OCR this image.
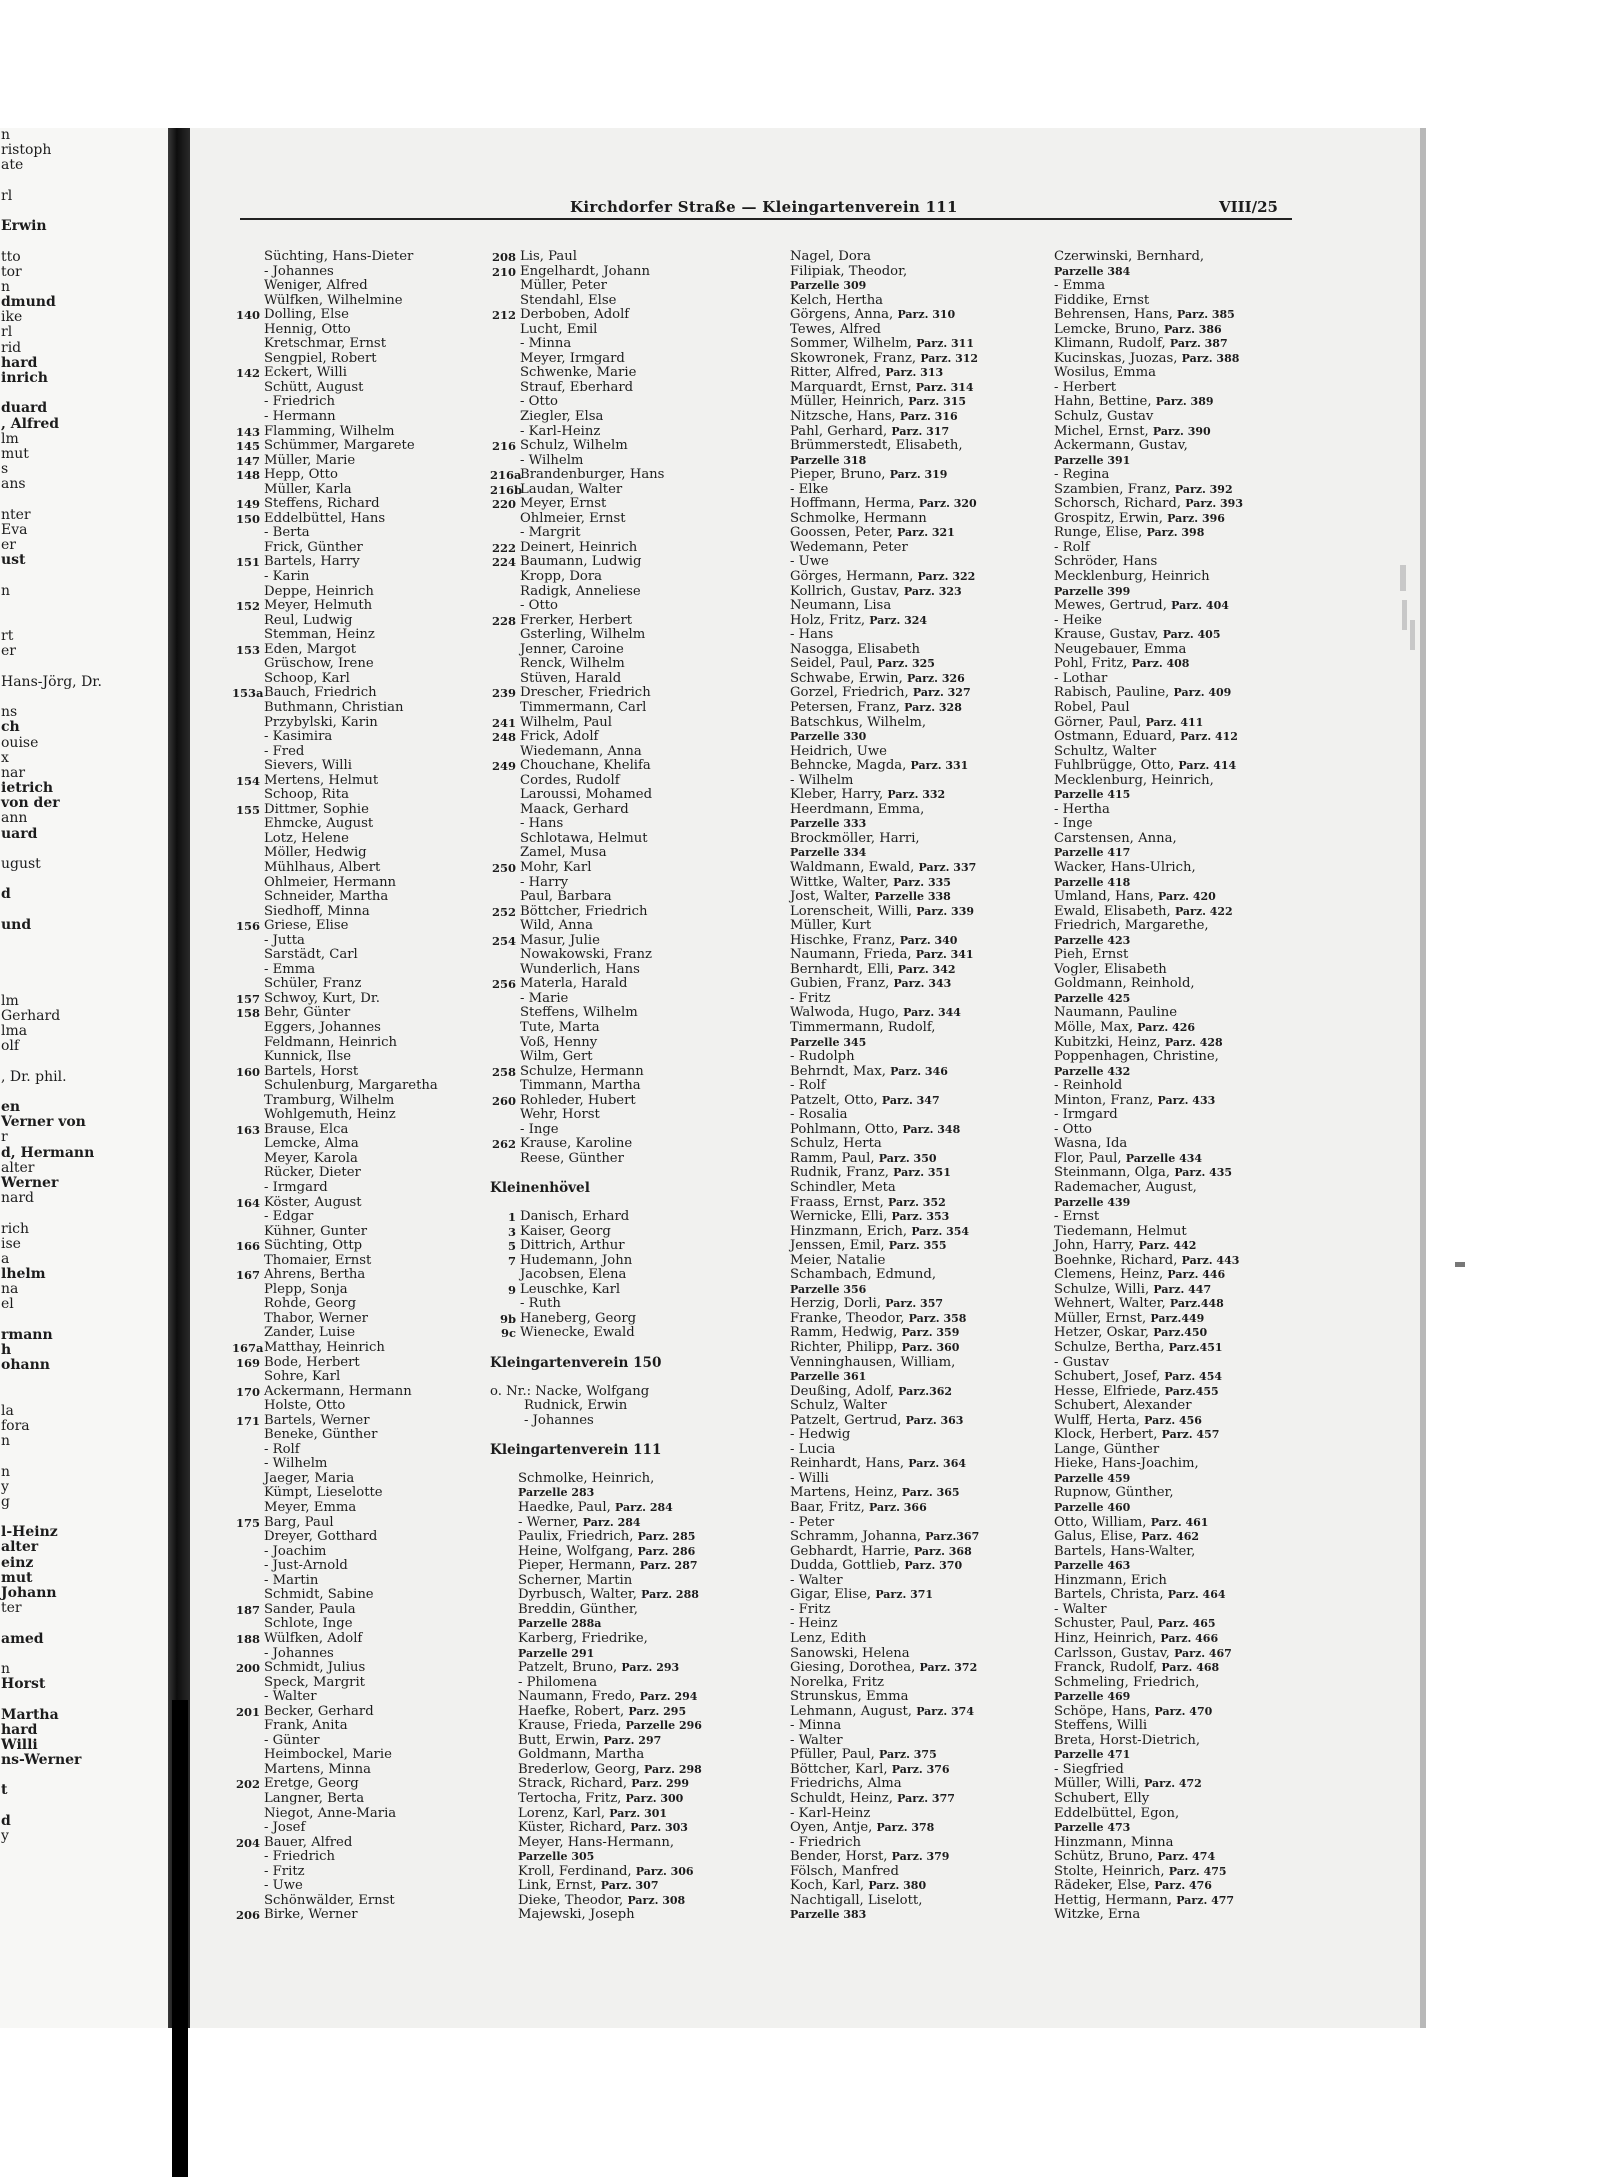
n
ristoph
ate
rl
Erwin
tto
tor
n
dmund
ike
rl
rid
hard
inrich
duard
, Alfred
lm
mut
s
ans
nter
Eva
er
ust
n
rt
er
Hans-Jörg, Dr.
ns
ch
ouise
x
nar
ietrich
von der
ann
uard
ugust
d
und
lm
Gerhard
lma
olf
, Dr. phil.
en
Verner von
r
d, Hermann
alter
Werner
nard
rich
ise
a
lhelm
na
el
rmann
h
ohann
la
fora
n
n
y
g
l-Heinz
alter
einz
mut
Johann
ter
amed
n
Horst
Martha
hard
Willi
ns-Werner
t
d
y
Kirchdorfer Straße — Kleingartenverein 111	VIII/25
Süchting, Hans-Dieter
- Johannes
Weniger, Alfred
Wülfken, Wilhelmine
140 Dolling, Else
Hennig, Otto
Kretschmar, Ernst
Sengpiel, Robert
142 Eckert, Willi
Schütt, August
- Friedrich
- Hermann
143 Flamming, Wilhelm
145 Schümmer, Margarete
147 Müller, Marie
148 Hepp, Otto
Müller, Karla
149 Steffens, Richard
150 Eddelbüttel, Hans
- Berta
Frick, Günther
151 Bartels, Harry
- Karin
Deppe, Heinrich
152 Meyer, Helmuth
Reul, Ludwig
Stemman, Heinz
153 Eden, Margot
Grüschow, Irene
Schoop, Karl
153a Bauch, Friedrich
Buthmann, Christian
Przybylski, Karin
- Kasimira
- Fred
Sievers, Willi
154 Mertens, Helmut
Schoop, Rita
155 Dittmer, Sophie
Ehmcke, August
Lotz, Helene
Möller, Hedwig
Mühlhaus, Albert
Ohlmeier, Hermann
Schneider, Martha
Siedhoff, Minna
156 Griese, Elise
- Jutta
Sarstädt, Carl
- Emma
Schüler, Franz
157 Schwoy, Kurt, Dr.
158 Behr, Günter
Eggers, Johannes
Feldmann, Heinrich
Kunnick, Ilse
160 Bartels, Horst
Schulenburg, Margaretha
Tramburg, Wilhelm
Wohlgemuth, Heinz
163 Brause, Elca
Lemcke, Alma
Meyer, Karola
Rücker, Dieter
- Irmgard
164 Köster, August
- Edgar
Kühner, Gunter
166 Süchting, Ottp
Thomaier, Ernst
167 Ahrens, Bertha
Plepp, Sonja
Rohde, Georg
Thabor, Werner
Zander, Luise
167a Matthay, Heinrich
169 Bode, Herbert
Sohre, Karl
170 Ackermann, Hermann
Holste, Otto
171 Bartels, Werner
Beneke, Günther
- Rolf
- Wilhelm
Jaeger, Maria
Kümpt, Lieselotte
Meyer, Emma
175 Barg, Paul
Dreyer, Gotthard
- Joachim
- Just-Arnold
- Martin
Schmidt, Sabine
187 Sander, Paula
Schlote, Inge
188 Wülfken, Adolf
- Johannes
200 Schmidt, Julius
Speck, Margrit
- Walter
201 Becker, Gerhard
Frank, Anita
- Günter
Heimbockel, Marie
Martens, Minna
202 Eretge, Georg
Langner, Berta
Niegot, Anne-Maria
- Josef
204 Bauer, Alfred
- Friedrich
- Fritz
- Uwe
Schönwälder, Ernst
206 Birke, Werner
208 Lis, Paul
210 Engelhardt, Johann
Müller, Peter
Stendahl, Else
212 Derboben, Adolf
Lucht, Emil
- Minna
Meyer, Irmgard
Schwenke, Marie
Strauf, Eberhard
- Otto
Ziegler, Elsa
- Karl-Heinz
216 Schulz, Wilhelm
- Wilhelm
216a
Brandenburger, Hans
216b
Laudan, Walter
220 Meyer, Ernst
Ohlmeier, Ernst
- Margrit
222 Deinert, Heinrich
224 Baumann, Ludwig
Kropp, Dora
Radigk, Anneliese
- Otto
228 Frerker, Herbert
Gsterling, Wilhelm
Jenner, Caroine
Renck, Wilhelm
Stüven, Harald
239 Drescher, Friedrich
Timmermann, Carl
241 Wilhelm, Paul
248 Frick, Adolf
Wiedemann, Anna
249 Chouchane, Khelifa
Cordes, Rudolf
Laroussi, Mohamed
Maack, Gerhard
- Hans
Schlotawa, Helmut
Zamel, Musa
250 Mohr, Karl
- Harry
Paul, Barbara
252 Böttcher, Friedrich
Wild, Anna
254 Masur, Julie
Nowakowski, Franz
Wunderlich, Hans
256 Materla, Harald
- Marie
Steffens, Wilhelm
Tute, Marta
Voß, Henny
Wilm, Gert
258 Schulze, Hermann
Timmann, Martha
260 Rohleder, Hubert
Wehr, Horst
- Inge
262 Krause, Karoline
Reese, Günther
Kleinenhövel
1 Danisch, Erhard
3 Kaiser, Georg
5 Dittrich, Arthur
7 Hudemann, John
Jacobsen, Elena
9 Leuschke, Karl
- Ruth
9b Haneberg, Georg
9c Wienecke, Ewald
Kleingartenverein 150
o. Nr.: Nacke, Wolfgang
Rudnick, Erwin
- Johannes
Kleingartenverein 111
Schmolke, Heinrich,
Parzelle 283
Haedke, Paul, Parz. 284
- Werner, Parz. 284
Paulix, Friedrich, Parz. 285
Heine, Wolfgang, Parz. 286
Pieper, Hermann, Parz. 287
Scherner, Martin
Dyrbusch, Walter, Parz. 288
Breddin, Günther,
Parzelle 288a
Karberg, Friedrike,
Parzelle 291
Patzelt, Bruno, Parz. 293
- Philomena
Naumann, Fredo, Parz. 294
Haefke, Robert, Parz. 295
Krause, Frieda, Parzelle 296
Butt, Erwin, Parz. 297
Goldmann, Martha
Brederlow, Georg, Parz. 298
Strack, Richard, Parz. 299
Tertocha, Fritz, Parz. 300
Lorenz, Karl, Parz. 301
Küster, Richard, Parz. 303
Meyer, Hans-Hermann,
Parzelle 305
Kroll, Ferdinand, Parz. 306
Link, Ernst, Parz. 307
Dieke, Theodor, Parz. 308
Majewski, Joseph
Nagel, Dora
Filipiak, Theodor,
Parzelle 309
Kelch, Hertha
Görgens, Anna, Parz. 310
Tewes, Alfred
Sommer, Wilhelm, Parz. 311
Skowronek, Franz, Parz. 312
Ritter, Alfred, Parz. 313
Marquardt, Ernst, Parz. 314
Müller, Heinrich, Parz. 315
Nitzsche, Hans, Parz. 316
Pahl, Gerhard, Parz. 317
Brümmerstedt, Elisabeth,
Parzelle 318
Pieper, Bruno, Parz. 319
- Elke
Hoffmann, Herma, Parz. 320
Schmolke, Hermann
Goossen, Peter, Parz. 321
Wedemann, Peter
- Uwe
Görges, Hermann, Parz. 322
Kollrich, Gustav, Parz. 323
Neumann, Lisa
Holz, Fritz, Parz. 324
- Hans
Nasogga, Elisabeth
Seidel, Paul, Parz. 325
Schwabe, Erwin, Parz. 326
Gorzel, Friedrich, Parz. 327
Petersen, Franz, Parz. 328
Batschkus, Wilhelm,
Parzelle 330
Heidrich, Uwe
Behncke, Magda, Parz. 331
- Wilhelm
Kleber, Harry, Parz. 332
Heerdmann, Emma,
Parzelle 333
Brockmöller, Harri,
Parzelle 334
Waldmann, Ewald, Parz. 337
Wittke, Walter, Parz. 335
Jost, Walter, Parzelle 338
Lorenscheit, Willi, Parz. 339
Müller, Kurt
Hischke, Franz, Parz. 340
Naumann, Frieda, Parz. 341
Bernhardt, Elli, Parz. 342
Gubien, Franz, Parz. 343
- Fritz
Walwoda, Hugo, Parz. 344
Timmermann, Rudolf,
Parzelle 345
- Rudolph
Behrndt, Max, Parz. 346
- Rolf
Patzelt, Otto, Parz. 347
- Rosalia
Pohlmann, Otto, Parz. 348
Schulz, Herta
Ramm, Paul, Parz. 350
Rudnik, Franz, Parz. 351
Schindler, Meta
Fraass, Ernst, Parz. 352
Wernicke, Elli, Parz. 353
Hinzmann, Erich, Parz. 354
Jenssen, Emil, Parz. 355
Meier, Natalie
Schambach, Edmund,
Parzelle 356
Herzig, Dorli, Parz. 357
Franke, Theodor, Parz. 358
Ramm, Hedwig, Parz. 359
Richter, Philipp, Parz. 360
Venninghausen, William,
Parzelle 361
Deußing, Adolf, Parz.362
Schulz, Walter
Patzelt, Gertrud, Parz. 363
- Hedwig
- Lucia
Reinhardt, Hans, Parz. 364
- Willi
Martens, Heinz, Parz. 365
Baar, Fritz, Parz. 366
- Peter
Schramm, Johanna, Parz.367
Gebhardt, Harrie, Parz. 368
Dudda, Gottlieb, Parz. 370
- Walter
Gigar, Elise, Parz. 371
- Fritz
- Heinz
Lenz, Edith
Sanowski, Helena
Giesing, Dorothea, Parz. 372
Norelka, Fritz
Strunskus, Emma
Lehmann, August, Parz. 374
- Minna
- Walter
Pfüller, Paul, Parz. 375
Böttcher, Karl, Parz. 376
Friedrichs, Alma
Schuldt, Heinz, Parz. 377
- Karl-Heinz
Oyen, Antje, Parz. 378
- Friedrich
Bender, Horst, Parz. 379
Fölsch, Manfred
Koch, Karl, Parz. 380
Nachtigall, Liselott,
Parzelle 383
Czerwinski, Bernhard,
Parzelle 384
- Emma
Fiddike, Ernst
Behrensen, Hans, Parz. 385
Lemcke, Bruno, Parz. 386
Klimann, Rudolf, Parz. 387
Kucinskas, Juozas, Parz. 388
Wosilus, Emma
- Herbert
Hahn, Bettine, Parz. 389
Schulz, Gustav
Michel, Ernst, Parz. 390
Ackermann, Gustav,
Parzelle 391
- Regina
Szambien, Franz, Parz. 392
Schorsch, Richard, Parz. 393
Grospitz, Erwin, Parz. 396
Runge, Elise, Parz. 398
- Rolf
Schröder, Hans
Mecklenburg, Heinrich
Parzelle 399
Mewes, Gertrud, Parz. 404
- Heike
Krause, Gustav, Parz. 405
Neugebauer, Emma
Pohl, Fritz, Parz. 408
- Lothar
Rabisch, Pauline, Parz. 409
Robel, Paul
Görner, Paul, Parz. 411
Ostmann, Eduard, Parz. 412
Schultz, Walter
Fuhlbrügge, Otto, Parz. 414
Mecklenburg, Heinrich,
Parzelle 415
- Hertha
- Inge
Carstensen, Anna,
Parzelle 417
Wacker, Hans-Ulrich,
Parzelle 418
Umland, Hans, Parz. 420
Ewald, Elisabeth, Parz. 422
Friedrich, Margarethe,
Parzelle 423
Pieh, Ernst
Vogler, Elisabeth
Goldmann, Reinhold,
Parzelle 425
Naumann, Pauline
Mölle, Max, Parz. 426
Kubitzki, Heinz, Parz. 428
Poppenhagen, Christine,
Parzelle 432
- Reinhold
Minton, Franz, Parz. 433
- Irmgard
- Otto
Wasna, Ida
Flor, Paul, Parzelle 434
Steinmann, Olga, Parz. 435
Rademacher, August,
Parzelle 439
- Ernst
Tiedemann, Helmut
John, Harry, Parz. 442
Boehnke, Richard, Parz. 443
Clemens, Heinz, Parz. 446
Schulze, Willi, Parz. 447
Wehnert, Walter, Parz.448
Müller, Ernst, Parz.449
Hetzer, Oskar, Parz.450
Schulze, Bertha, Parz.451
- Gustav
Schubert, Josef, Parz. 454
Hesse, Elfriede, Parz.455
Schubert, Alexander
Wulff, Herta, Parz. 456
Klock, Herbert, Parz. 457
Lange, Günther
Hieke, Hans-Joachim,
Parzelle 459
Rupnow, Günther,
Parzelle 460
Otto, William, Parz. 461
Galus, Elise, Parz. 462
Bartels, Hans-Walter,
Parzelle 463
Hinzmann, Erich
Bartels, Christa, Parz. 464
- Walter
Schuster, Paul, Parz. 465
Hinz, Heinrich, Parz. 466
Carlsson, Gustav, Parz. 467
Franck, Rudolf, Parz. 468
Schmeling, Friedrich,
Parzelle 469
Schöpe, Hans, Parz. 470
Steffens, Willi
Breta, Horst-Dietrich,
Parzelle 471
- Siegfried
Müller, Willi, Parz. 472
Schubert, Elly
Eddelbüttel, Egon,
Parzelle 473
Hinzmann, Minna
Schütz, Bruno, Parz. 474
Stolte, Heinrich, Parz. 475
Rädeker, Else, Parz. 476
Hettig, Hermann, Parz. 477
Witzke, Erna
